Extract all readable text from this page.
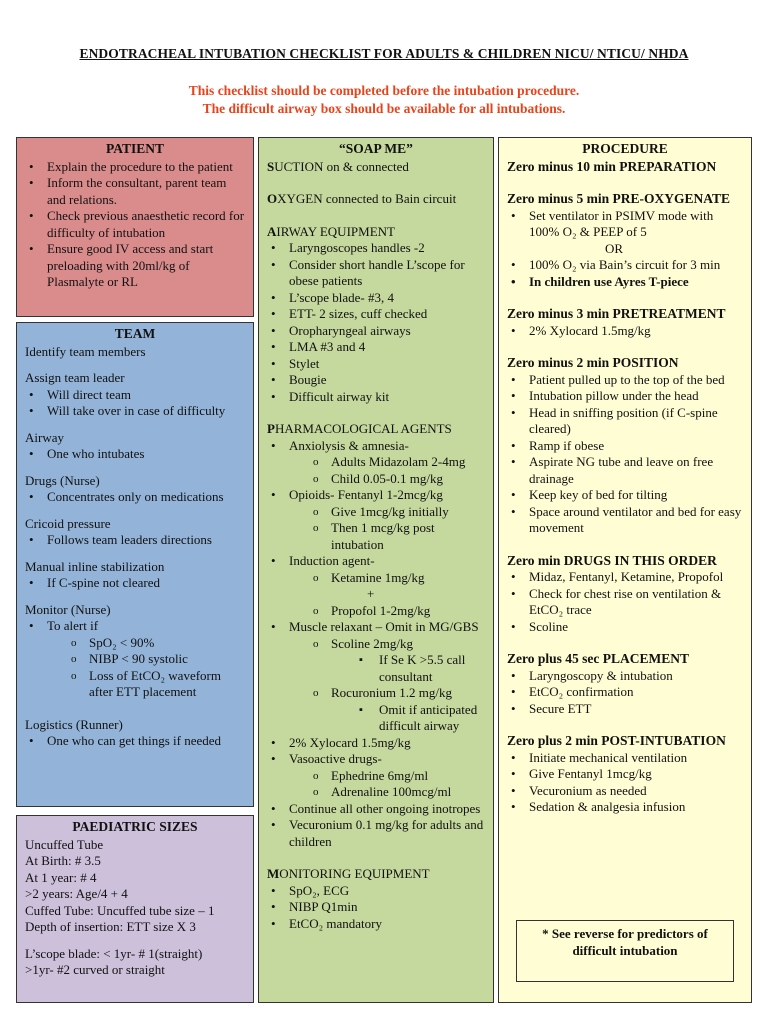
ENDOTRACHEAL INTUBATION CHECKLIST FOR ADULTS & CHILDREN NICU/ NTICU/ NHDA
This checklist should be completed before the intubation procedure.
The difficult airway box should be available for all intubations.
PATIENT
• Explain the procedure to the patient
• Inform the consultant, parent team and relations.
• Check previous anaesthetic record for difficulty of intubation
• Ensure good IV access and start preloading with 20ml/kg of Plasmalyte or RL
TEAM

Identify team members

Assign team leader

• Will direct team
• Will take over in case of difficulty

Airway

• One who intubates

Drugs (Nurse)

• Concentrates only on medications

Cricoid pressure

• Follows team leaders directions

Manual inline stabilization

• If C-spine not cleared

Monitor (Nurse)

• To alert if
o SpO₂ < 90%
o NIBP < 90 systolic
o Loss of EtCO₂ waveform after ETT placement

Logistics (Runner)

• One who can get things if needed
PAEDIATRIC SIZES

Uncuffed Tube

At Birth: # 3.5

At 1 year: # 4

>2 years: Age/4 + 4

Cuffed Tube: Uncuffed tube size – 1

Depth of insertion: ETT size X 3

L’scope blade: < 1yr- # 1(straight)

>1yr- #2 curved or straight

“SOAP ME”

SUCTION on & connected

OXYGEN connected to Bain circuit

AIRWAY EQUIPMENT

• Laryngoscopes handles -2
• Consider short handle L’scope for obese patients
• L’scope blade- #3, 4
• ETT- 2 sizes, cuff checked
• Oropharyngeal airways
• LMA #3 and 4
• Stylet
• Bougie
• Difficult airway kit

PHARMACOLOGICAL AGENTS

• Anxiolysis & amnesia-
o Adults Midazolam 2-4mg
o Child 0.05-0.1 mg/kg
• Opioids- Fentanyl 1-2mcg/kg
o Give 1mcg/kg initially
o Then 1 mcg/kg post intubation
• Induction agent-
o Ketamine 1mg/kg
+
o Propofol 1-2mg/kg
• Muscle relaxant – Omit in MG/GBS
o Scoline 2mg/kg
▪ If Se K >5.5 call consultant
o Rocuronium 1.2 mg/kg
▪ Omit if anticipated difficult airway
• 2% Xylocard 1.5mg/kg
• Vasoactive drugs-
o Ephedrine 6mg/ml
o Adrenaline 100mcg/ml
• Continue all other ongoing inotropes
• Vecuronium 0.1 mg/kg for adults and children

MONITORING EQUIPMENT

• SpO₂, ECG
• NIBP Q1min
• EtCO₂ mandatory
PROCEDURE

Zero minus 10 min PREPARATION

Zero minus 5 min PRE-OXYGENATE

• Set ventilator in PSIMV mode with 100% O₂ & PEEP of 5
OR
• 100% O₂ via Bain’s circuit for 3 min
• In children use Ayres T-piece

Zero minus 3 min PRETREATMENT

• 2% Xylocard 1.5mg/kg

Zero minus 2 min POSITION

• Patient pulled up to the top of the bed
• Intubation pillow under the head
• Head in sniffing position (if C-spine cleared)
• Ramp if obese
• Aspirate NG tube and leave on free drainage
• Keep key of bed for tilting
• Space around ventilator and bed for easy movement

Zero min DRUGS IN THIS ORDER

• Midaz, Fentanyl, Ketamine, Propofol
• Check for chest rise on ventilation & EtCO₂ trace
• Scoline

Zero plus 45 sec PLACEMENT

• Laryngoscopy & intubation
• EtCO₂ confirmation
• Secure ETT

Zero plus 2 min POST-INTUBATION

• Initiate mechanical ventilation
• Give Fentanyl 1mcg/kg
• Vecuronium as needed
• Sedation & analgesia infusion
* See reverse for predictors of difficult intubation
